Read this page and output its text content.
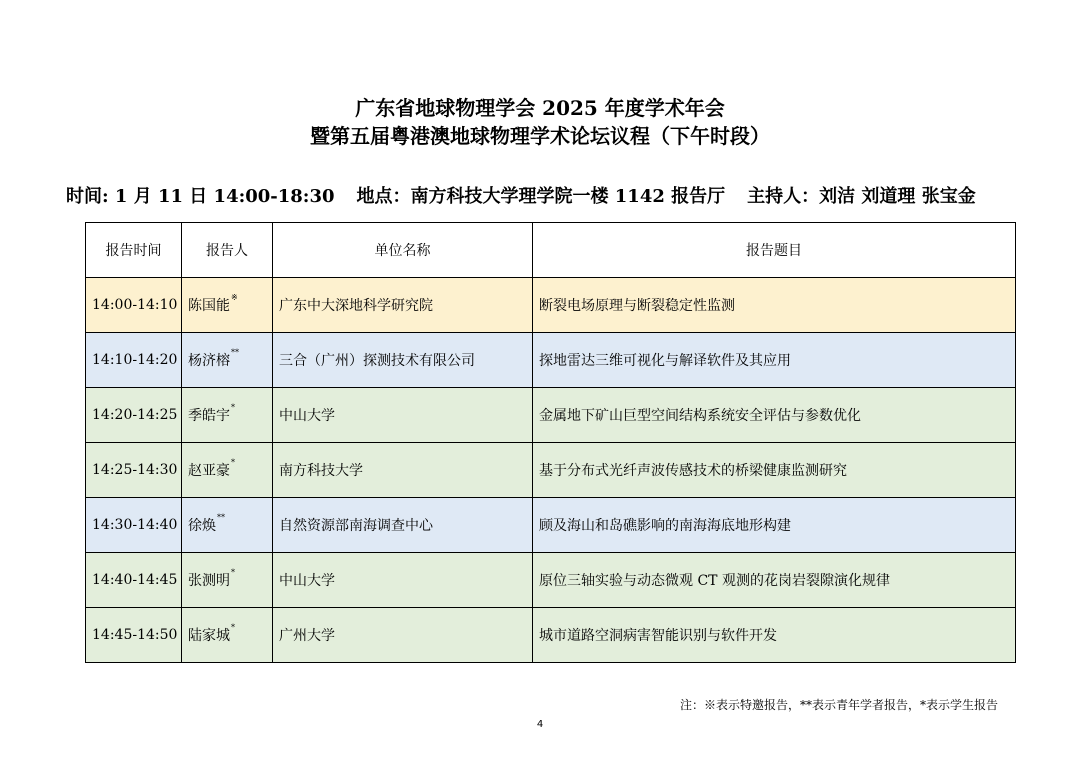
广东省地球物理学会 2025 年度学术年会
暨第五届粤港澳地球物理学术论坛议程（下午时段）
时间: 1 月 11 日 14:00-18:30 地点：南方科技大学理学院一楼 1142 报告厅 主持人：刘洁 刘道理 张宝金
报告时间	报告人	单位名称	报告题目
14:00-14:10	陈国能※	广东中大深地科学研究院	断裂电场原理与断裂稳定性监测
14:10-14:20	杨济榕**	三合（广州）探测技术有限公司	探地雷达三维可视化与解译软件及其应用
14:20-14:25	季皓宇*	中山大学	金属地下矿山巨型空间结构系统安全评估与参数优化
14:25-14:30	赵亚豪*	南方科技大学	基于分布式光纤声波传感技术的桥梁健康监测研究
14:30-14:40	徐焕**	自然资源部南海调查中心	顾及海山和岛礁影响的南海海底地形构建
14:40-14:45	张测明*	中山大学	原位三轴实验与动态微观 CT 观测的花岗岩裂隙演化规律
14:45-14:50	陆家城*	广州大学	城市道路空洞病害智能识别与软件开发
注：※表示特邀报告，**表示青年学者报告，*表示学生报告
4
